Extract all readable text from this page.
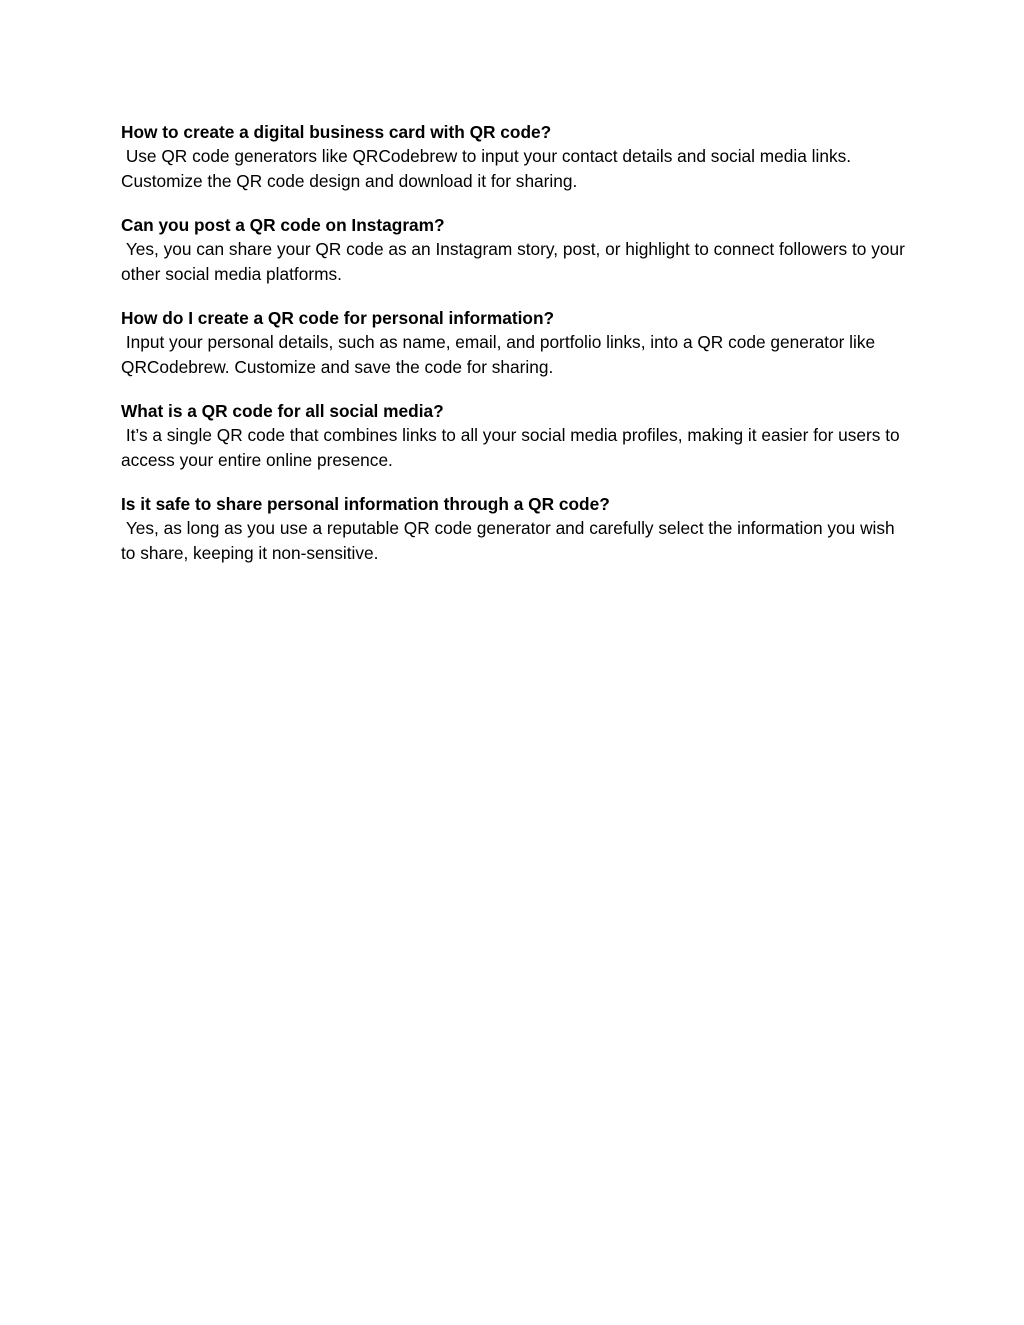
How to create a digital business card with QR code?

Use QR code generators like QRCodebrew to input your contact details and social media links. Customize the QR code design and download it for sharing.

Can you post a QR code on Instagram?

Yes, you can share your QR code as an Instagram story, post, or highlight to connect followers to your other social media platforms.

How do I create a QR code for personal information?

Input your personal details, such as name, email, and portfolio links, into a QR code generator like QRCodebrew. Customize and save the code for sharing.

What is a QR code for all social media?

It’s a single QR code that combines links to all your social media profiles, making it easier for users to access your entire online presence.

Is it safe to share personal information through a QR code?

Yes, as long as you use a reputable QR code generator and carefully select the information you wish to share, keeping it non-sensitive.
